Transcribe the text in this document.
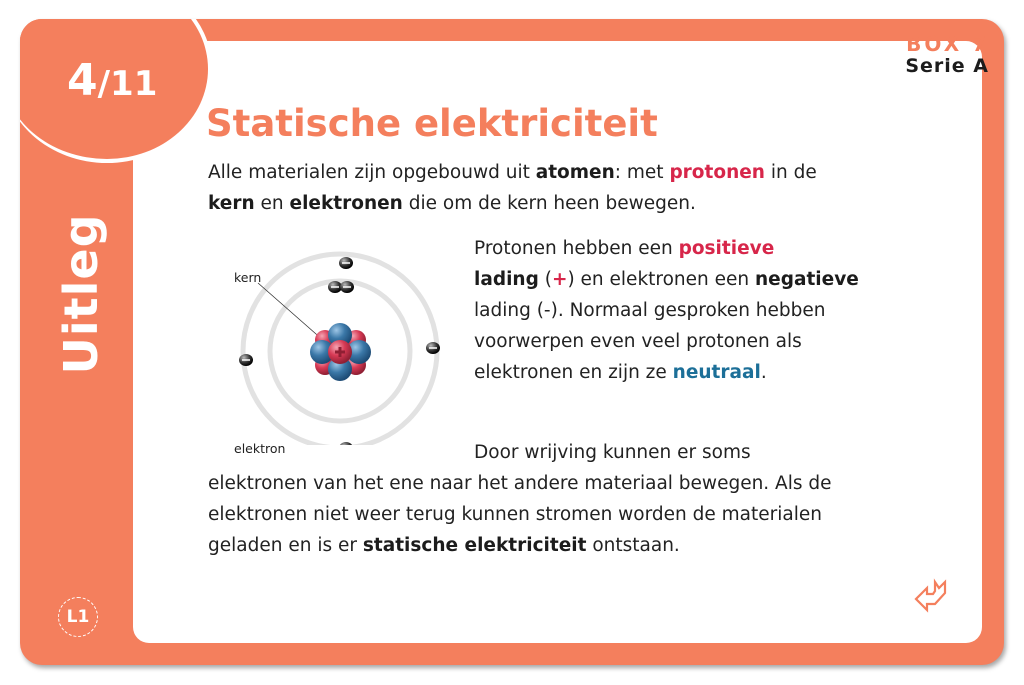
4/11
Uitleg
L1
BOX 7
Serie A
Statische elektriciteit
Alle materialen zijn opgebouwd uit atomen: met protonen in de
kern en elektronen die om de kern heen bewegen.
kern
elektron
Protonen hebben een positieve
lading (+) en elektronen een negatieve lading (-). Normaal gesproken hebben voorwerpen even veel protonen als elektronen en zijn ze neutraal.
Door wrijving kunnen er soms
elektronen van het ene naar het andere materiaal bewegen. Als de elektronen niet weer terug kunnen stromen worden de materialen geladen en is er statische elektriciteit ontstaan.
